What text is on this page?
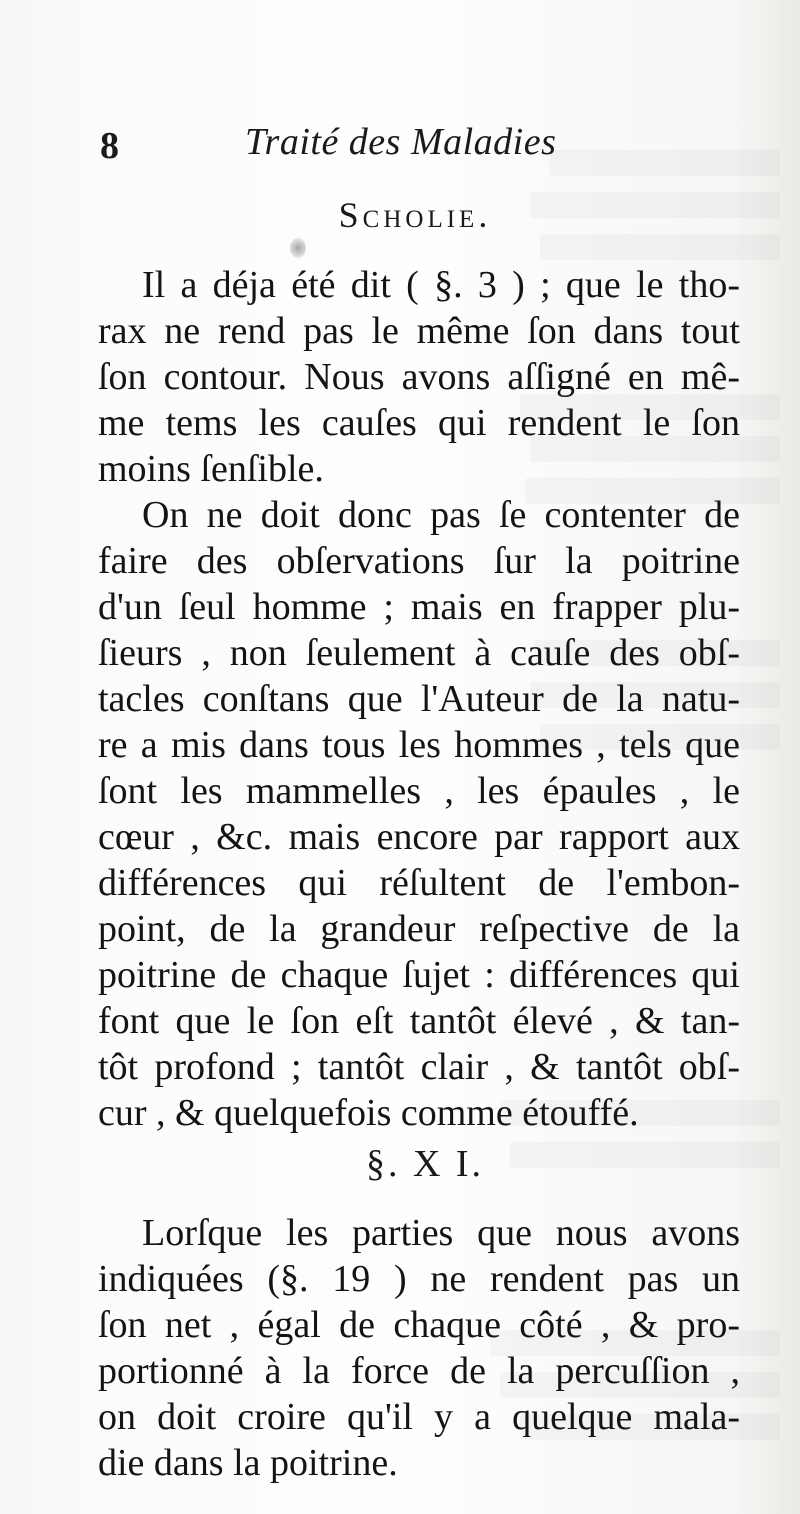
8	Traité des Maladies
Scholie.
Il a déja été dit ( §. 3 ) ; que le tho-
rax ne rend pas le même ſon dans tout
ſon contour. Nous avons aſſigné en mê-
me tems les cauſes qui rendent le ſon
moins ſenſible.
On ne doit donc pas ſe contenter de
faire des obſervations ſur la poitrine
d'un ſeul homme ; mais en frapper plu-
ſieurs , non ſeulement à cauſe des obſ-
tacles conſtans que l'Auteur de la natu-
re a mis dans tous les hommes , tels que
ſont les mammelles , les épaules , le
cœur , &c. mais encore par rapport aux
différences qui réſultent de l'embon-
point, de la grandeur reſpective de la
poitrine de chaque ſujet : différences qui
font que le ſon eſt tantôt élevé , & tan-
tôt profond ; tantôt clair , & tantôt obſ-
cur , & quelquefois comme étouffé.
§. X I.
Lorſque les parties que nous avons
indiquées (§. 19 ) ne rendent pas un
ſon net , égal de chaque côté , & pro-
portionné à la force de la percuſſion ,
on doit croire qu'il y a quelque mala-
die dans la poitrine.
